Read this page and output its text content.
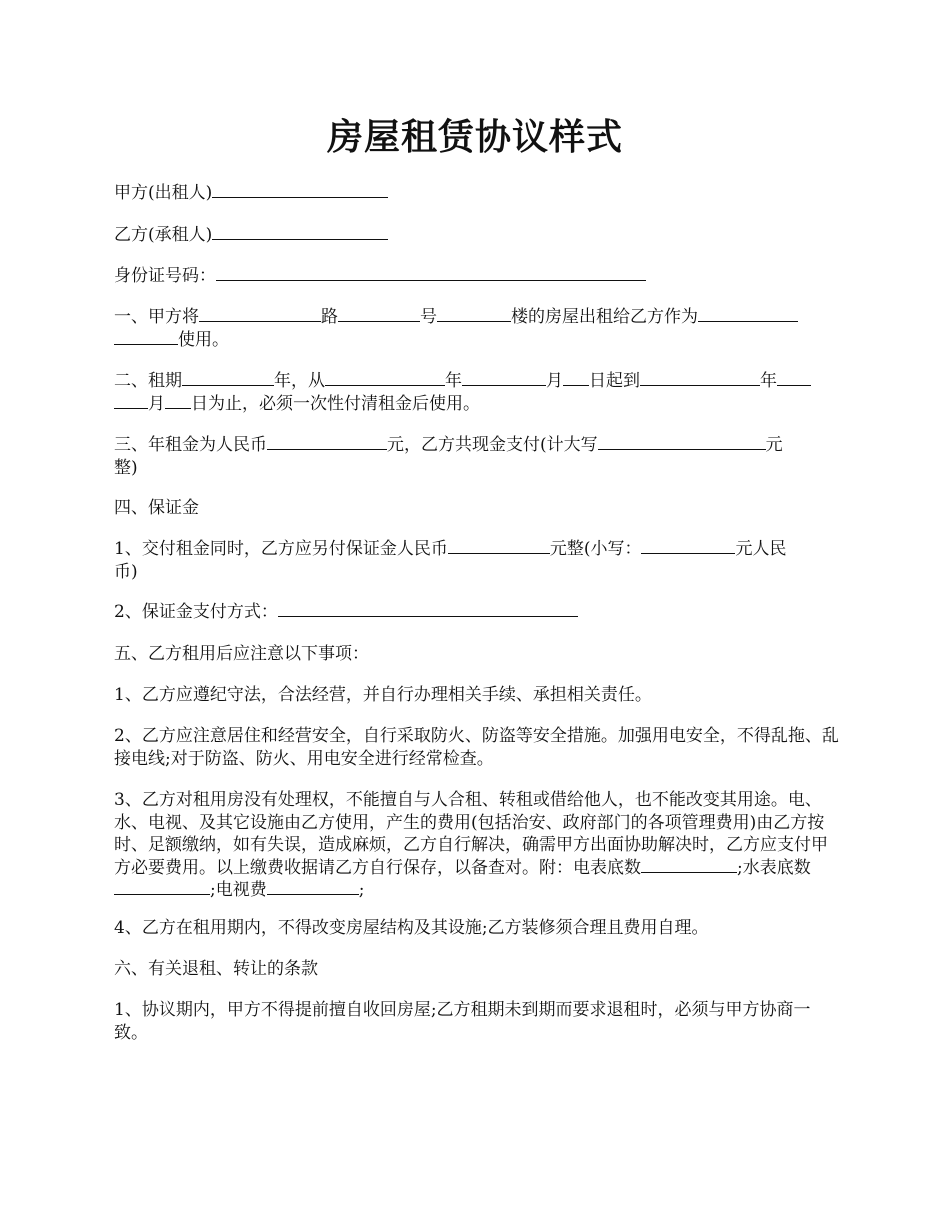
房屋租赁协议样式
甲方(出租人)
乙方(承租人)
身份证号码：
一、甲方将	路	号	楼的房屋出租给乙方作为
使用。
二、租期	年，从	年	月 日起到	年
月 日为止，必须一次性付清租金后使用。
三、年租金为人民币	元，乙方共现金支付(计大写	元
整)
四、保证金
1、交付租金同时，乙方应另付保证金人民币	元整(小写：	元人民
币)
2、保证金支付方式：
五、乙方租用后应注意以下事项：
1、乙方应遵纪守法，合法经营，并自行办理相关手续、承担相关责任。
2、乙方应注意居住和经营安全，自行采取防火、防盗等安全措施。加强用电安全，不得乱拖、乱接电线;对于防盗、防火、用电安全进行经常检查。
3、乙方对租用房没有处理权，不能擅自与人合租、转租或借给他人，也不能改变其用途。电、水、电视、及其它设施由乙方使用，产生的费用(包括治安、政府部门的各项管理费用)由乙方按时、足额缴纳，如有失误，造成麻烦，乙方自行解决，确需甲方出面协助解决时，乙方应支付甲方必要费用。以上缴费收据请乙方自行保存，以备查对。附：电表底数	;水表底数;电视费	;
4、乙方在租用期内，不得改变房屋结构及其设施;乙方装修须合理且费用自理。
六、有关退租、转让的条款
1、协议期内，甲方不得提前擅自收回房屋;乙方租期未到期而要求退租时，必须与甲方协商一致。
